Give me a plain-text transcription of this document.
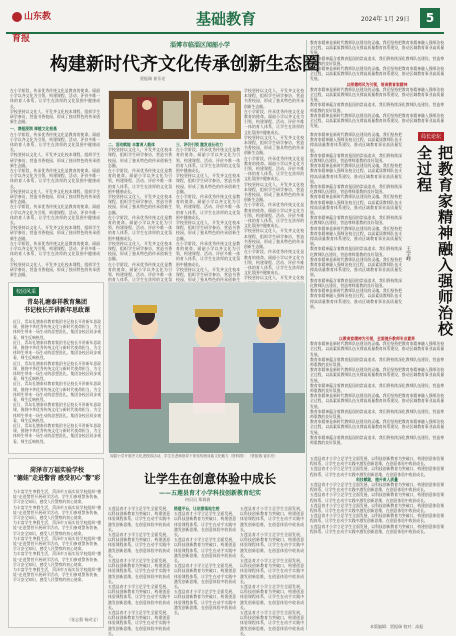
山东教育报
基础教育	2024年 1月 29日	5
淄博市临淄区闻韶小学
构建新时代齐文化传承创新生态圈
贾振瑞 崔乐亮

在小学阶段，传承优秀传统文化是教育的使命。闻韶小学以齐文化为引领，构建课程、活动、评价多维一体的育人体系，让学生在浓厚的文化氛围中健康成长。

学校坚持以文化人，开发齐文化校本课程，组织学生研学参访，营造书香校园，形成了独具特色的传承创新生态圈。

一、课程浸润 厚植文化根基

在小学阶段，传承优秀传统文化是教育的使命。闻韶小学以齐文化为引领，构建课程、活动、评价多维一体的育人体系，让学生在浓厚的文化氛围中健康成长。

学校坚持以文化人，开发齐文化校本课程，组织学生研学参访，营造书香校园，形成了独具特色的传承创新生态圈。

在小学阶段，传承优秀传统文化是教育的使命。闻韶小学以齐文化为引领，构建课程、活动、评价多维一体的育人体系，让学生在浓厚的文化氛围中健康成长。

学校坚持以文化人，开发齐文化校本课程，组织学生研学参访，营造书香校园，形成了独具特色的传承创新生态圈。

在小学阶段，传承优秀传统文化是教育的使命。闻韶小学以齐文化为引领，构建课程、活动、评价多维一体的育人体系，让学生在浓厚的文化氛围中健康成长。

学校坚持以文化人，开发齐文化校本课程，组织学生研学参访，营造书香校园，形成了独具特色的传承创新生态圈。

在小学阶段，传承优秀传统文化是教育的使命。闻韶小学以齐文化为引领，构建课程、活动、评价多维一体的育人体系，让学生在浓厚的文化氛围中健康成长。

学校坚持以文化人，开发齐文化校本课程，组织学生研学参访，营造书香校园，形成了独具特色的传承创新生态圈。

二、活动赋能 丰富育人载体

学校坚持以文化人，开发齐文化校本课程，组织学生研学参访，营造书香校园，形成了独具特色的传承创新生态圈。

在小学阶段，传承优秀传统文化是教育的使命。闻韶小学以齐文化为引领，构建课程、活动、评价多维一体的育人体系，让学生在浓厚的文化氛围中健康成长。

学校坚持以文化人，开发齐文化校本课程，组织学生研学参访，营造书香校园，形成了独具特色的传承创新生态圈。

在小学阶段，传承优秀传统文化是教育的使命。闻韶小学以齐文化为引领，构建课程、活动、评价多维一体的育人体系，让学生在浓厚的文化氛围中健康成长。

学校坚持以文化人，开发齐文化校本课程，组织学生研学参访，营造书香校园，形成了独具特色的传承创新生态圈。

在小学阶段，传承优秀传统文化是教育的使命。闻韶小学以齐文化为引领，构建课程、活动、评价多维一体的育人体系，让学生在浓厚的文化氛

三、评价引领 激发成长动力

在小学阶段，传承优秀传统文化是教育的使命。闻韶小学以齐文化为引领，构建课程、活动、评价多维一体的育人体系，让学生在浓厚的文化氛围中健康成长。

学校坚持以文化人，开发齐文化校本课程，组织学生研学参访，营造书香校园，形成了独具特色的传承创新生态圈。

在小学阶段，传承优秀传统文化是教育的使命。闻韶小学以齐文化为引领，构建课程、活动、评价多维一体的育人体系，让学生在浓厚的文化氛围中健康成长。

学校坚持以文化人，开发齐文化校本课程，组织学生研学参访，营造书香校园，形成了独具特色的传承创新生态圈。

在小学阶段，传承优秀传统文化是教育的使命。闻韶小学以齐文化为引领，构建课程、活动、评价多维一体的育人体系，让学生在浓厚的文化氛围中健康成长。

学校坚持以文化人，开发齐文化校本课程，组织学生研学参访，营造书香校园，形成了独具特色的传承创新生

学校坚持以文化人，开发齐文化校本课程，组织学生研学参访，营造书香校园，形成了独具特色的传承创新生态圈。

在小学阶段，传承优秀传统文化是教育的使命。闻韶小学以齐文化为引领，构建课程、活动、评价多维一体的育人体系，让学生在浓厚的文化氛围中健康成长。

学校坚持以文化人，开发齐文化校本课程，组织学生研学参访，营造书香校园，形成了独具特色的传承创新生态圈。

在小学阶段，传承优秀传统文化是教育的使命。闻韶小学以齐文化为引领，构建课程、活动、评价多维一体的育人体系，让学生在浓厚的文化氛围中健康成长。

学校坚持以文化人，开发齐文化校本课程，组织学生研学参访，营造书香校园，形成了独具特色的传承创新生态圈。

在小学阶段，传承优秀传统文化是教育的使命。闻韶小学以齐文化为引领，构建课程、活动、评价多维一体的育人体系，让学生在浓厚的文化氛围中健康成长。

学校坚持以文化人，开发齐文化校本课程，组织学生研学参访，营造书香校园，形成了独具特色的传承创新生态圈。

在小学阶段，传承优秀传统文化是教育的使命。闻韶小学以齐文化为引领，构建课程、活动、评价多维一体的育人体系，让学生在浓厚的文化氛围中健康成长。

学校坚持以文化人，开发齐文化校

教育家精神是新时代教师队伍建设的灵魂。我们坚持把教育家精神融入强师治校全过程，以高素质教师队伍支撑高质量教育体系建设，推动区域教育事业高质量发展。

教育家精神蕴含着教育报国的崇高追求，我们将持续深化教师队伍建设，营造尊师重教的良好氛围。

教育家精神是新时代教师队伍建设的灵魂。我们坚持把教育家精神融入强师治校全过程，以高素质教师队伍支撑高质量教育体系建设，推动区域教育事业高质量发展。

以师德师风为引领，培育教育家精神

教育家精神是新时代教师队伍建设的灵魂。我们坚持把教育家精神融入强师治校全过程，以高素质教师队伍支撑高质量教育体系建设，推动区域教育事业高质量发展。

教育家精神蕴含着教育报国的崇高追求，我们将持续深化教师队伍建设，营造尊师重教的良好氛围。

教育家精神是新时代教师队伍建设的灵魂。我们坚持把教育家精神融入强师治校全过程，以高素质教师队伍支撑高质量教育体系建设，推动区域教育事业高质量发展。

局长论坛
把教育家精神融入强师治校全过程
王学峰

教育家精神是新时代教师队伍建设的灵魂。我们坚持把教育家精神融入强师治校全过程，以高素质教师队伍支撑高质量教育体系建设，推动区域教育事业高质量发展。

教育家精神蕴含着教育报国的崇高追求，我们将持续深化教师队伍建设，营造尊师重教的良好氛围。

教育家精神是新时代教师队伍建设的灵魂。我们坚持把教育家精神融入强师治校全过程，以高素质教师队伍支撑高质量教育体系建设，推动区域教育事业高质量发展。

教育家精神蕴含着教育报国的崇高追求，我们将持续深化教师队伍建设，营造尊师重教的良好氛围。

教育家精神是新时代教师队伍建设的灵魂。我们坚持把教育家精神融入强师治校全过程，以高素质教师队伍支撑高质量教育体系建设，推动区域教育事业高质量发展。

教育家精神蕴含着教育报国的崇高追求，我们将持续深化教师队伍建设，营造尊师重教的良好氛围。

教育家精神是新时代教师队伍建设的灵魂。我们坚持把教育家精神融入强师治校全过程，以高素质教师队伍支撑高质量教育体系建设，推动区域教育事业高质量发展。

教育家精神蕴含着教育报国的崇高追求，我们将持续深化教师队伍建设，营造尊师重教的良好氛围。

教育家精神是新时代教师队伍建设的灵魂。我们坚持把教育家精神融入强师治校全过程，以高素质教师队伍支撑高质量教育体系建设，推动区域教育事业高质量发展。

教育家精神蕴含着教育报国的崇高追求，我们将持续深化教师队伍建设，营造尊师重教的良好氛围。

教育家精神是新时代教师队伍建设的灵魂。我们坚持把教育家精神融入强师治校全过程，以高素质教师队伍支撑高质量教育体系建设，推动区域教育事业高质量发展。

以教育家精神为引领，全面提升教师专业素养

教育家精神是新时代教师队伍建设的灵魂。我们坚持把教育家精神融入强师治校全过程，以高素质教师队伍支撑高质量教育体系建设，推动区域教育事业高质量发展。

教育家精神蕴含着教育报国的崇高追求，我们将持续深化教师队伍建设，营造尊师重教的良好氛围。

教育家精神是新时代教师队伍建设的灵魂。我们坚持把教育家精神融入强师治校全过程，以高素质教师队伍支撑高质量教育体系建设，推动区域教育事业高质量发展。

教育家精神蕴含着教育报国的崇高追求，我们将持续深化教师队伍建设，营造尊师重教的良好氛围。

教育家精神是新时代教师队伍建设的灵魂。我们坚持把教育家精神融入强师治校全过程，以高素质教师队伍支撑高质量教育体系建设，推动区域教育事业高质量发展。

教育家精神蕴含着教育报国的崇高追求，我们将持续深化教师队伍建设，营造尊师重教的良好氛围。

教育家精神是新时代教师队伍建设的灵魂。我们坚持把教育家精神融入强师治校全过程，以高素质教师队伍支撑高质量教育体系建设，推动区域教育事业高质量发展。

教育家精神蕴含着教育报国的崇高追求，我们将持续深化教师队伍建设，营造尊师重教的良好氛围。

校园风采
青岛礼塘泰祥教育集团
书记校长开讲新年思政课

近日，青岛礼塘泰祥教育集团书记校长开讲新年思政课，围绕中华优秀传统文化与新时代使命担当，为全体师生带来一场生动的思想洗礼。集团各校区同步观看，师生反响热烈。

近日，青岛礼塘泰祥教育集团书记校长开讲新年思政课，围绕中华优秀传统文化与新时代使命担当，为全体师生带来一场生动的思想洗礼。集团各校区同步观看，师生反响热烈。

近日，青岛礼塘泰祥教育集团书记校长开讲新年思政课，围绕中华优秀传统文化与新时代使命担当，为全体师生带来一场生动的思想洗礼。集团各校区同步观看，师生反响热烈。

近日，青岛礼塘泰祥教育集团书记校长开讲新年思政课，围绕中华优秀传统文化与新时代使命担当，为全体师生带来一场生动的思想洗礼。集团各校区同步观看，师生反响热烈。

近日，青岛礼塘泰祥教育集团书记校长开讲新年思政课，围绕中华优秀传统文化与新时代使命担当，为全体师生带来一场生动的思想洗礼。集团各校区同步观看，师生反响热烈。

近日，青岛礼塘泰祥教育集团书记校长开讲新年思政课，围绕中华优秀传统文化与新时代使命担当，为全体师生带来一场生动的思想洗礼。集团各校区同步观看，师生反响热烈。

闻韶小学开展齐文化进校园活动，学生在老师指导下体验传统戏曲文化魅力（资料图） （贾振瑞 崔乐亮）
菏泽市万福实验学校
"德娃"走进警营 感受初心"警"彩

为丰富学生寒假生活，菏泽市万福实验学校组织"德娃"走进警营开展研学活动，学生们参观警务装备，学习安全知识，感受人民警察的初心使命。

为丰富学生寒假生活，菏泽市万福实验学校组织"德娃"走进警营开展研学活动，学生们参观警务装备，学习安全知识，感受人民警察的初心使命。

为丰富学生寒假生活，菏泽市万福实验学校组织"德娃"走进警营开展研学活动，学生们参观警务装备，学习安全知识，感受人民警察的初心使命。

为丰富学生寒假生活，菏泽市万福实验学校组织"德娃"走进警营开展研学活动，学生们参观警务装备，学习安全知识，感受人民警察的初心使命。

为丰富学生寒假生活，菏泽市万福实验学校组织"德娃"走进警营开展研学活动，学生们参观警务装备，学习安全知识，感受人民警察的初心使命。

为丰富学生寒假生活，菏泽市万福实验学校组织"德娃"走进警营开展研学活动，学生们参观警务装备，学习安全知识，感受人民警察的初心使命。

（张志强 杨成宝）
让学生在创意体验中成长
——五莲县育才小学科技创新教育纪实
何贝贝 郑倩倩

五莲县育才小学立足学生全面发展，以科技创新教育为突破口，构建创意体验课程体系，让学生在动手实践中激发创新思维，在创意体验中收获成长。

五莲县育才小学立足学生全面发展，以科技创新教育为突破口，构建创意体验课程体系，让学生在动手实践中激发创新思维，在创意体验中收获成长。

五莲县育才小学立足学生全面发展，以科技创新教育为突破口，构建创意体验课程体系，让学生在动手实践中激发创新思维，在创意体验中收获成长。

五莲县育才小学立足学生全面发展，以科技创新教育为突破口，构建创意体验课程体系，让学生在动手实践中激发创新思维，在创意体验中收获成长。

五莲县育才小学立足学生全面发展，以科技创新教育为突破口，构建创意体验课程体系，让学生在动手实践中激发创新思维，在创意体验中收获成长。

搭建平台，让创意落地生根

五莲县育才小学立足学生全面发展，以科技创新教育为突破口，构建创意体验课程体系，让学生在动手实践中激发创新思维，在创意体验中收获成长。

五莲县育才小学立足学生全面发展，以科技创新教育为突破口，构建创意体验课程体系，让学生在动手实践中激发创新思维，在创意体验中收获成长。

五莲县育才小学立足学生全面发展，以科技创新教育为突破口，构建创意体验课程体系，让学生在动手实践中激发创新思维，在创意体验中收获成长。

五莲县育才小学立足学生全面发展，以科技创新教育为突破口，构建创意体验课程体系，让学生在动手实践中激发创新思维，在创意体验中收获成长。

五莲县育才小学立足学生全面发展，以科技创新教育为突破口，构建创意体验课程体系，让学生在动手实践中激发创新思维，在创意体验中收获成长。

五莲县育才小学立足学生全面发展，以科技创新教育为突破口，构建创意体验课程体系，让学生在动手实践中激发创新思维，在创意体验中收获成长。

五莲县育才小学立足学生全面发展，以科技创新教育为突破口，构建创意体验课程体系，让学生在动手实践中激发创新思维，在创意体验中收获成长。

五莲县育才小学立足学生全面发展，以科技创新教育为突破口，构建创意体验课程体系，让学生在动手实践中激发创新思维，在创意体验中收获成长。

五莲县育才小学立足学生全面发展，以科技创新教育为突破口，构建创意体验课程体系，让学生在动手实践中激发创新思维，在创意体验中收获成长。

五莲县育才小学立足学生全面发展，以科技创新教育为突破口，构建创意体验课程体系，让学生在动手实践中激发创新思维，在创意体验中收获成长。

五莲县育才小学立足学生全面发展，以科技创新教育为突破口，构建创意体验课程体系，让学生在动手实践中激发创新思维，在创意体验中收获成长。

科技赋能，提升育人质量

五莲县育才小学立足学生全面发展，以科技创新教育为突破口，构建创意体验课程体系，让学生在动手实践中激发创新思维，在创意体验中收获成长。

五莲县育才小学立足学生全面发展，以科技创新教育为突破口，构建创意体验课程体系，让学生在动手实践中激发创新思维，在创意体验中收获成长。

五莲县育才小学立足学生全面发展，以科技创新教育为突破口，构建创意体验课程体系，让学生在动手实践中激发创新思维，在创意体验中收获成长。

五莲县育才小学立足学生全面发展，以科技创新教育为突破口，构建创意体验课程体系，让学生在动手实践中激发创新思维，在创意体验中收获成长。

五莲县育才小学立足学生全面发展，以科技创新教育为突破口，构建创意体验课程体系，让学生在动手实践中激发创新思维，在创意体验中收获成长。

本版编辑：贾振瑞 校对：高振
